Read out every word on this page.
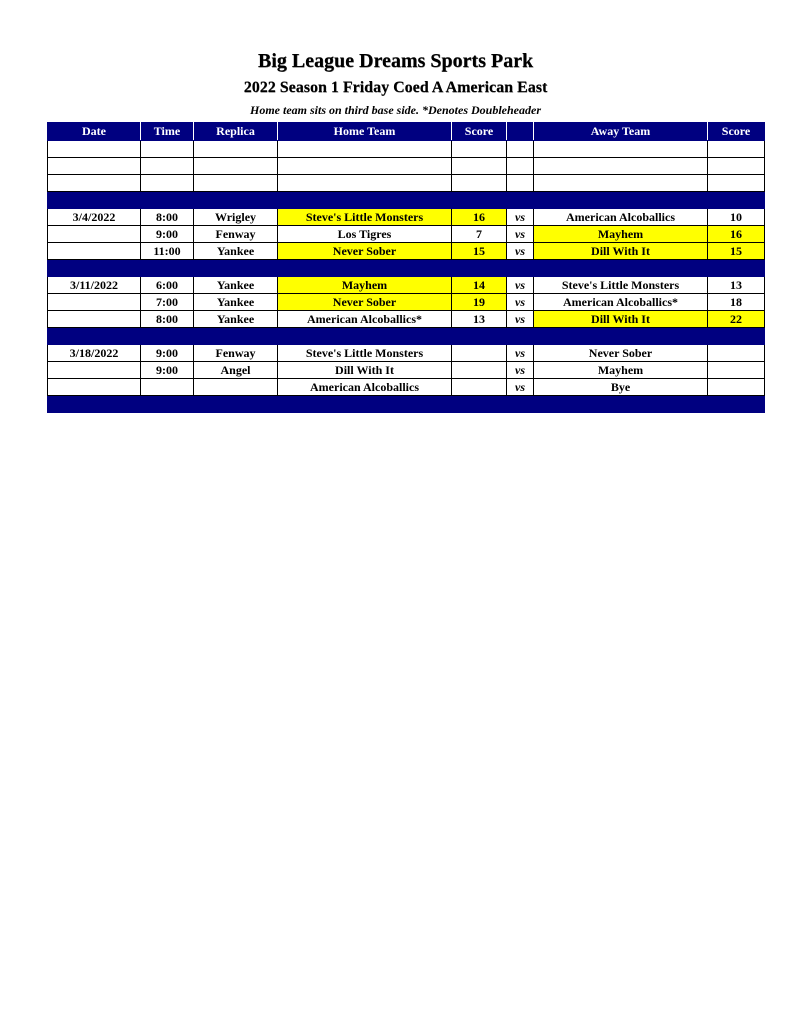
Big League Dreams Sports Park
2022 Season 1 Friday Coed A American East
Home team sits on third base side. *Denotes Doubleheader
Date	Time	Replica	Home Team	Score		Away Team	Score

3/4/2022	8:00	Wrigley	Steve's Little Monsters	16	vs	American Alcoballics	10
	9:00	Fenway	Los Tigres	7	vs	Mayhem	16
	11:00	Yankee	Never Sober	15	vs	Dill With It	15

3/11/2022	6:00	Yankee	Mayhem	14	vs	Steve's Little Monsters	13
	7:00	Yankee	Never Sober	19	vs	American Alcoballics*	18
	8:00	Yankee	American Alcoballics*	13	vs	Dill With It	22

3/18/2022	9:00	Fenway	Steve's Little Monsters		vs	Never Sober	
	9:00	Angel	Dill With It		vs	Mayhem	
			American Alcoballics		vs	Bye	
